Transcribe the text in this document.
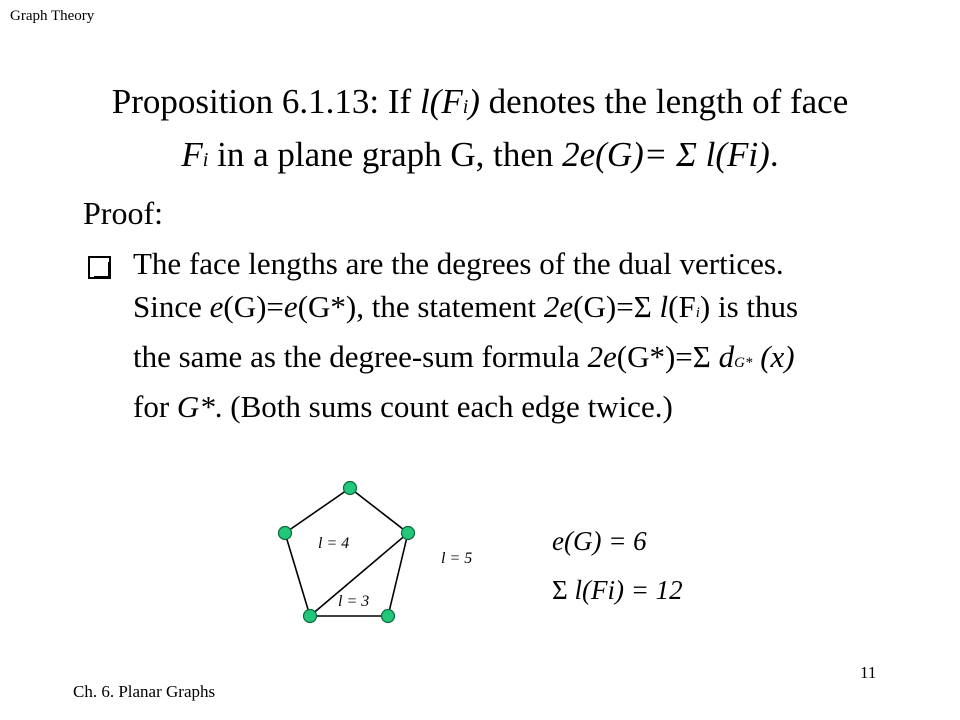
Graph Theory
Proposition 6.1.13: If l(Fi) denotes the length of face
Fi in a plane graph G, then 2e(G)= Σ l(Fi).
Proof:
The face lengths are the degrees of the dual vertices.
Since e(G)=e(G*), the statement 2e(G)=Σ l(Fi) is thus
the same as the degree-sum formula 2e(G*)=Σ dG* (x)
for G*. (Both sums count each edge twice.)
l = 4
l = 3
l = 5
e(G) = 6
Σ l(Fi) = 12
Ch. 6. Planar Graphs
11
